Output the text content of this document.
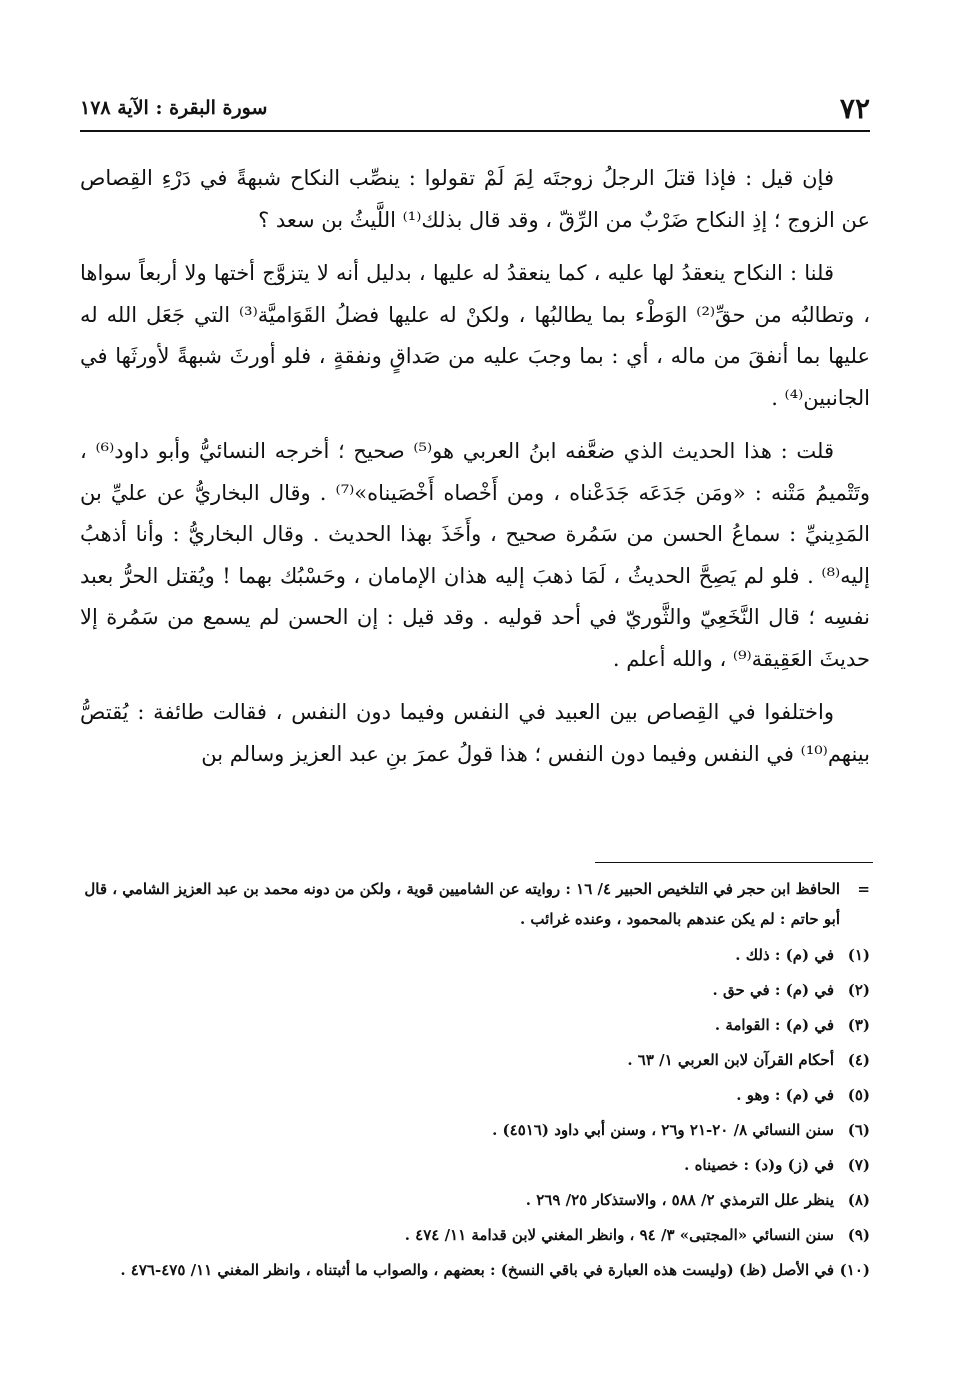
٧٢
سورة البقرة : الآية ١٧٨

فإن قيل : فإذا قتلَ الرجلُ زوجتَه لِمَ لَمْ تقولوا : ينصِّب النكاح شبهةً في دَرْءِ القِصاص عن الزوج ؛ إذِ النكاح ضَرْبٌ من الرِّقّ ، وقد قال بذلك⁽¹⁾ اللَّيثُ بن سعد ؟

قلنا : النكاح ينعقدُ لها عليه ، كما ينعقدُ له عليها ، بدليل أنه لا يتزوَّج أختها ولا أربعاً سواها ، وتطالبُه من حقِّ⁽²⁾ الوَطْء بما يطالبُها ، ولكنْ له عليها فضلُ القَوَاميَّة⁽³⁾ التي جَعَل الله له عليها بما أنفقَ من ماله ، أي : بما وجبَ عليه من صَداقٍ ونفقةٍ ، فلو أورثَ شبهةً لأورثَها في الجانبين⁽⁴⁾ .

قلت : هذا الحديث الذي ضعَّفه ابنُ العربي هو⁽⁵⁾ صحيح ؛ أخرجه النسائيُّ وأبو داود⁽⁶⁾ ، وتَتْميمُ مَتْنه : «ومَن جَدَعَه جَدَعْناه ، ومن أَخْصاه أَخْصَيناه»⁽⁷⁾ . وقال البخاريُّ عن عليِّ بن المَدِينيِّ : سماعُ الحسن من سَمُرة صحيح ، وأَخَذَ بهذا الحديث . وقال البخاريُّ : وأنا أذهبُ إليه⁽⁸⁾ . فلو لم يَصِحَّ الحديثُ ، لَمَا ذهبَ إليه هذان الإمامان ، وحَسْبُك بهما ! ويُقتل الحرُّ بعبد نفسِه ؛ قال النَّخَعِيّ والثَّوريّ في أحد قوليه . وقد قيل : إن الحسن لم يسمع من سَمُرة إلا حديثَ العَقِيقة⁽⁹⁾ ، والله أعلم .

واختلفوا في القِصاص بين العبيد في النفس وفيما دون النفس ، فقالت طائفة : يُقتصُّ بينهم⁽¹⁰⁾ في النفس وفيما دون النفس ؛ هذا قولُ عمرَ بنِ عبد العزيز وسالم بن

=
الحافظ ابن حجر في التلخيص الحبير ٤/ ١٦ : روايته عن الشاميين قوية ، ولكن من دونه محمد بن عبد العزيز الشامي ، قال أبو حاتم : لم يكن عندهم بالمحمود ، وعنده غرائب .
(١)
في (م) : ذلك .
(٢)
في (م) : في حق .
(٣)
في (م) : القوامة .
(٤)
أحكام القرآن لابن العربي ١/ ٦٣ .
(٥)
في (م) : وهو .
(٦)
سنن النسائي ٨/ ٢٠-٢١ و٢٦ ، وسنن أبي داود (٤٥١٦) .
(٧)
في (ز) و(د) : خصيناه .
(٨)
ينظر علل الترمذي ٢/ ٥٨٨ ، والاستذكار ٢٥/ ٢٦٩ .
(٩)
سنن النسائي «المجتبى» ٣/ ٩٤ ، وانظر المغني لابن قدامة ١١/ ٤٧٤ .
(١٠)
في الأصل (ظ) (وليست هذه العبارة في باقي النسخ) : بعضهم ، والصواب ما أثبتناه ، وانظر المغني ١١/ ٤٧٥-٤٧٦ .
